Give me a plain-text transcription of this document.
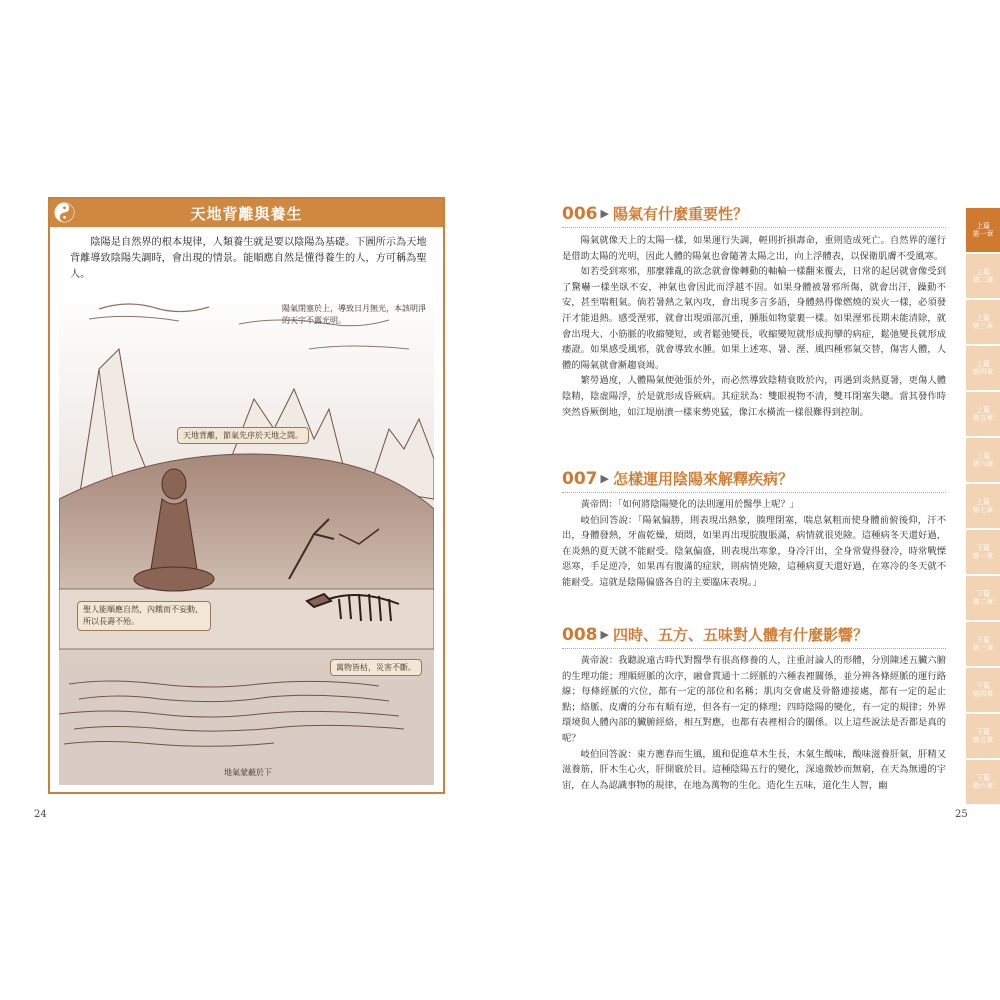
天地背離與養生
陰陽是自然界的根本規律，人類養生就是要以陰陽為基礎。下圖所示為天地背離導致陰陽失調時，會出現的情景。能順應自然是懂得養生的人，方可稱為聖人。
陽氣閉塞於上，導致日月無光，本該明淨的天宇不露光明。
天地背離，節氣先序於天地之間。
聖人能順應自然，內餓而不妄動，所以長壽不殆。
萬物皆枯，災害不斷。
地氣蒙蔽於下
24
006 ▶ 陽氣有什麼重要性？

陽氣就像天上的太陽一樣，如果運行失調，輕則折損壽命，重則造成死亡。自然界的運行是借助太陽的光明，因此人體的陽氣也會隨著太陽之出，向上浮體表，以保衛肌膚不受風寒。

如若受到寒邪，那麼雜亂的欲念就會像轉動的軸輪一樣翻來覆去，日常的起居就會像受到了驚嚇一樣坐臥不安，神氣也會因此而浮越不固。如果身體被暑邪所傷，就會出汗，躁動不安，甚至喘粗氣。倘若暑熱之氣內攻，會出現多言多語，身體熱得像燃燒的炭火一樣，必須發汗才能退熱。感受溼邪，就會出現頭部沉重，腫脹如物蒙裹一樣。如果溼邪長期未能清除，就會出現大、小筋脈的收縮變短，或者鬆弛變長，收縮變短就形成拘攣的病症，鬆弛變長就形成痿證。如果感受風邪，就會導致水腫。如果上述寒、暑、溼、風四種邪氣交替，傷害人體，人體的陽氣就會漸趨衰竭。

繁勞過度，人體陽氣便弛張於外，而必然導致陰精衰敗於內，再遇到炎熱夏暑，更傷人體陰精，陰虛陽浮，於是就形成昏厥病。其症狀為：雙眼視物不清，雙耳閉塞失聰。當其發作時突然昏厥倒地，如江堤崩潰一樣來勢兇猛，像江水橫流一樣很難得到控制。

007 ▶ 怎樣運用陰陽來解釋疾病？

黃帝問：「如何將陰陽變化的法則運用於醫學上呢？」

岐伯回答說：「陽氣偏勝，則表現出熱象，腠理閉塞，喘息氣粗而使身體前俯後仰，汗不出，身體發熱，牙齒乾燥，煩悶，如果再出現脘腹脹滿，病情就很兇險。這種病冬天還好過，在炎熱的夏天就不能耐受。陰氣偏盛，則表現出寒象，身冷汗出，全身常覺得發冷，時常戰慄惡寒，手足逆冷，如果再有腹滿的症狀，則病情兇險，這種病夏天還好過，在寒冷的冬天就不能耐受。這就是陰陽偏盛各自的主要臨床表現。」

008 ▶ 四時、五方、五味對人體有什麼影響？

黃帝說：我聽說遠古時代對醫學有很高修養的人，注重討論人的形體，分別陳述五臟六腑的生理功能；理順經脈的次序，融會貫通十二經脈的六種表裡關係，並分辨各條經脈的運行路線；每條經脈的穴位，都有一定的部位和名稱；肌肉交會處及骨骼連接處，都有一定的起止點；絡脈、皮膚的分布有順有逆，但各有一定的條理；四時陰陽的變化，有一定的規律；外界環境與人體內部的臟腑經絡，相互對應，也都有表裡相合的關係。以上這些說法是否都是真的呢？

岐伯回答說：東方應春而生風，風和促進草木生長，木氣生酸味，酸味滋養肝氣，肝精又滋養筋，肝木生心火，肝開竅於目。這種陰陽五行的變化，深遠微妙而無窮，在天為無邊的宇宙，在人為認識事物的規律，在地為萬物的生化。造化生五味，道化生人智，幽

25
上篇
第一章
上篇
第二章
上篇
第三章
上篇
第四章
上篇
第五章
上篇
第六章
上篇
第七章
下篇
第一章
下篇
第二章
下篇
第三章
下篇
第四章
下篇
第五章
下篇
第六章
